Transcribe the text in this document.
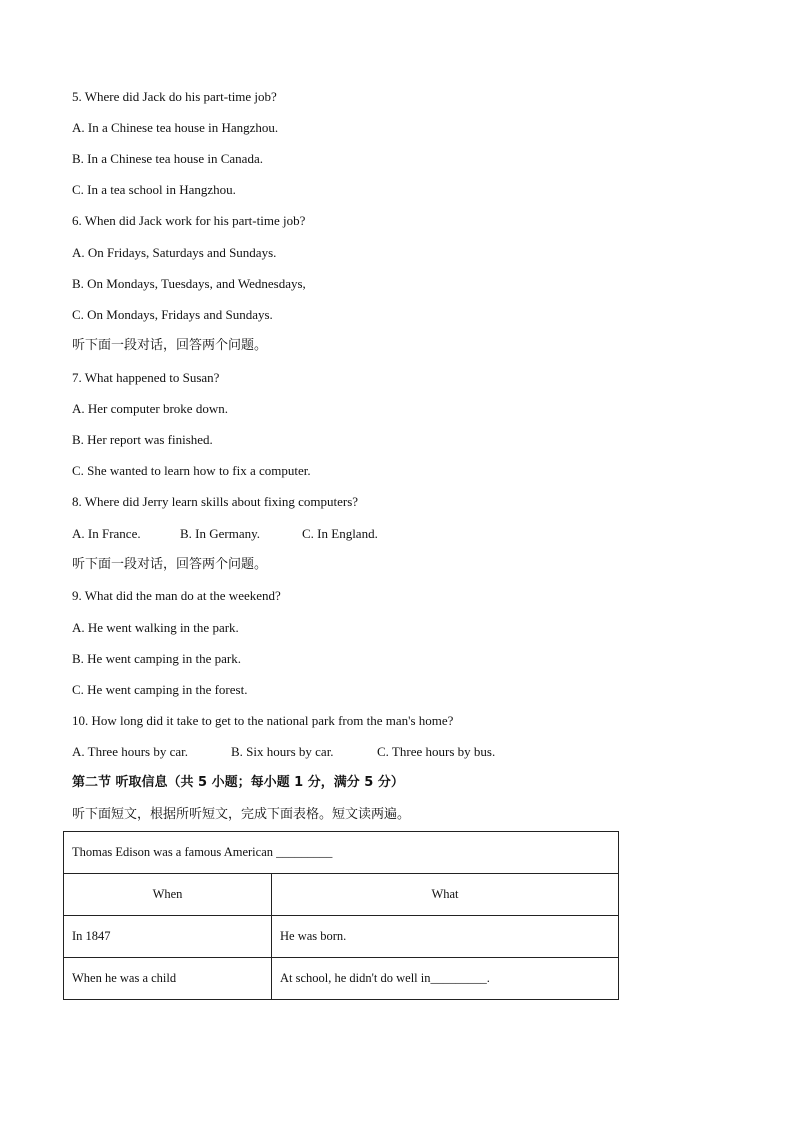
5. Where did Jack do his part-time job?
A. In a Chinese tea house in Hangzhou.
B. In a Chinese tea house in Canada.
C. In a tea school in Hangzhou.
6. When did Jack work for his part-time job?
A. On Fridays, Saturdays and Sundays.
B. On Mondays, Tuesdays, and Wednesdays,
C. On Mondays, Fridays and Sundays.
听下面一段对话，回答两个问题。
7. What happened to Susan?
A. Her computer broke down.
B. Her report was finished.
C. She wanted to learn how to fix a computer.
8. Where did Jerry learn skills about fixing computers?
A. In France.	B. In Germany.	C. In England.
听下面一段对话，回答两个问题。
9. What did the man do at the weekend?
A. He went walking in the park.
B. He went camping in the park.
C. He went camping in the forest.
10. How long did it take to get to the national park from the man's home?
A. Three hours by car.	B. Six hours by car.	C. Three hours by bus.
第二节 听取信息（共 5 小题；每小题 1 分，满分 5 分）
听下面短文，根据所听短文，完成下面表格。短文读两遍。
Thomas Edison was a famous American _________	
When	What
In 1847	He was born.
When he was a child	At school, he didn't do well in_________.
